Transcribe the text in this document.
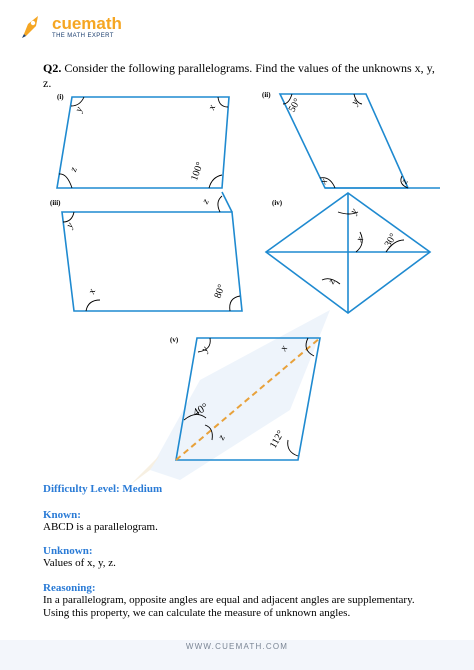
cuemath
THE MATH EXPERT
Q2. Consider the following parallelograms. Find the values of the unknowns x, y, z.
(i)	(ii)
(iii)	(iv)
(v)
y	x
z	100°
50°	y
x	z
z
y
x	80°
y
x 30°
z
y	x
40°
z	112°
Difficulty Level: Medium
Known:
ABCD is a parallelogram.
Unknown:
Values of x, y, z.
Reasoning:
In a parallelogram, opposite angles are equal and adjacent angles are supplementary.
Using this property, we can calculate the measure of unknown angles.
WWW.CUEMATH.COM
